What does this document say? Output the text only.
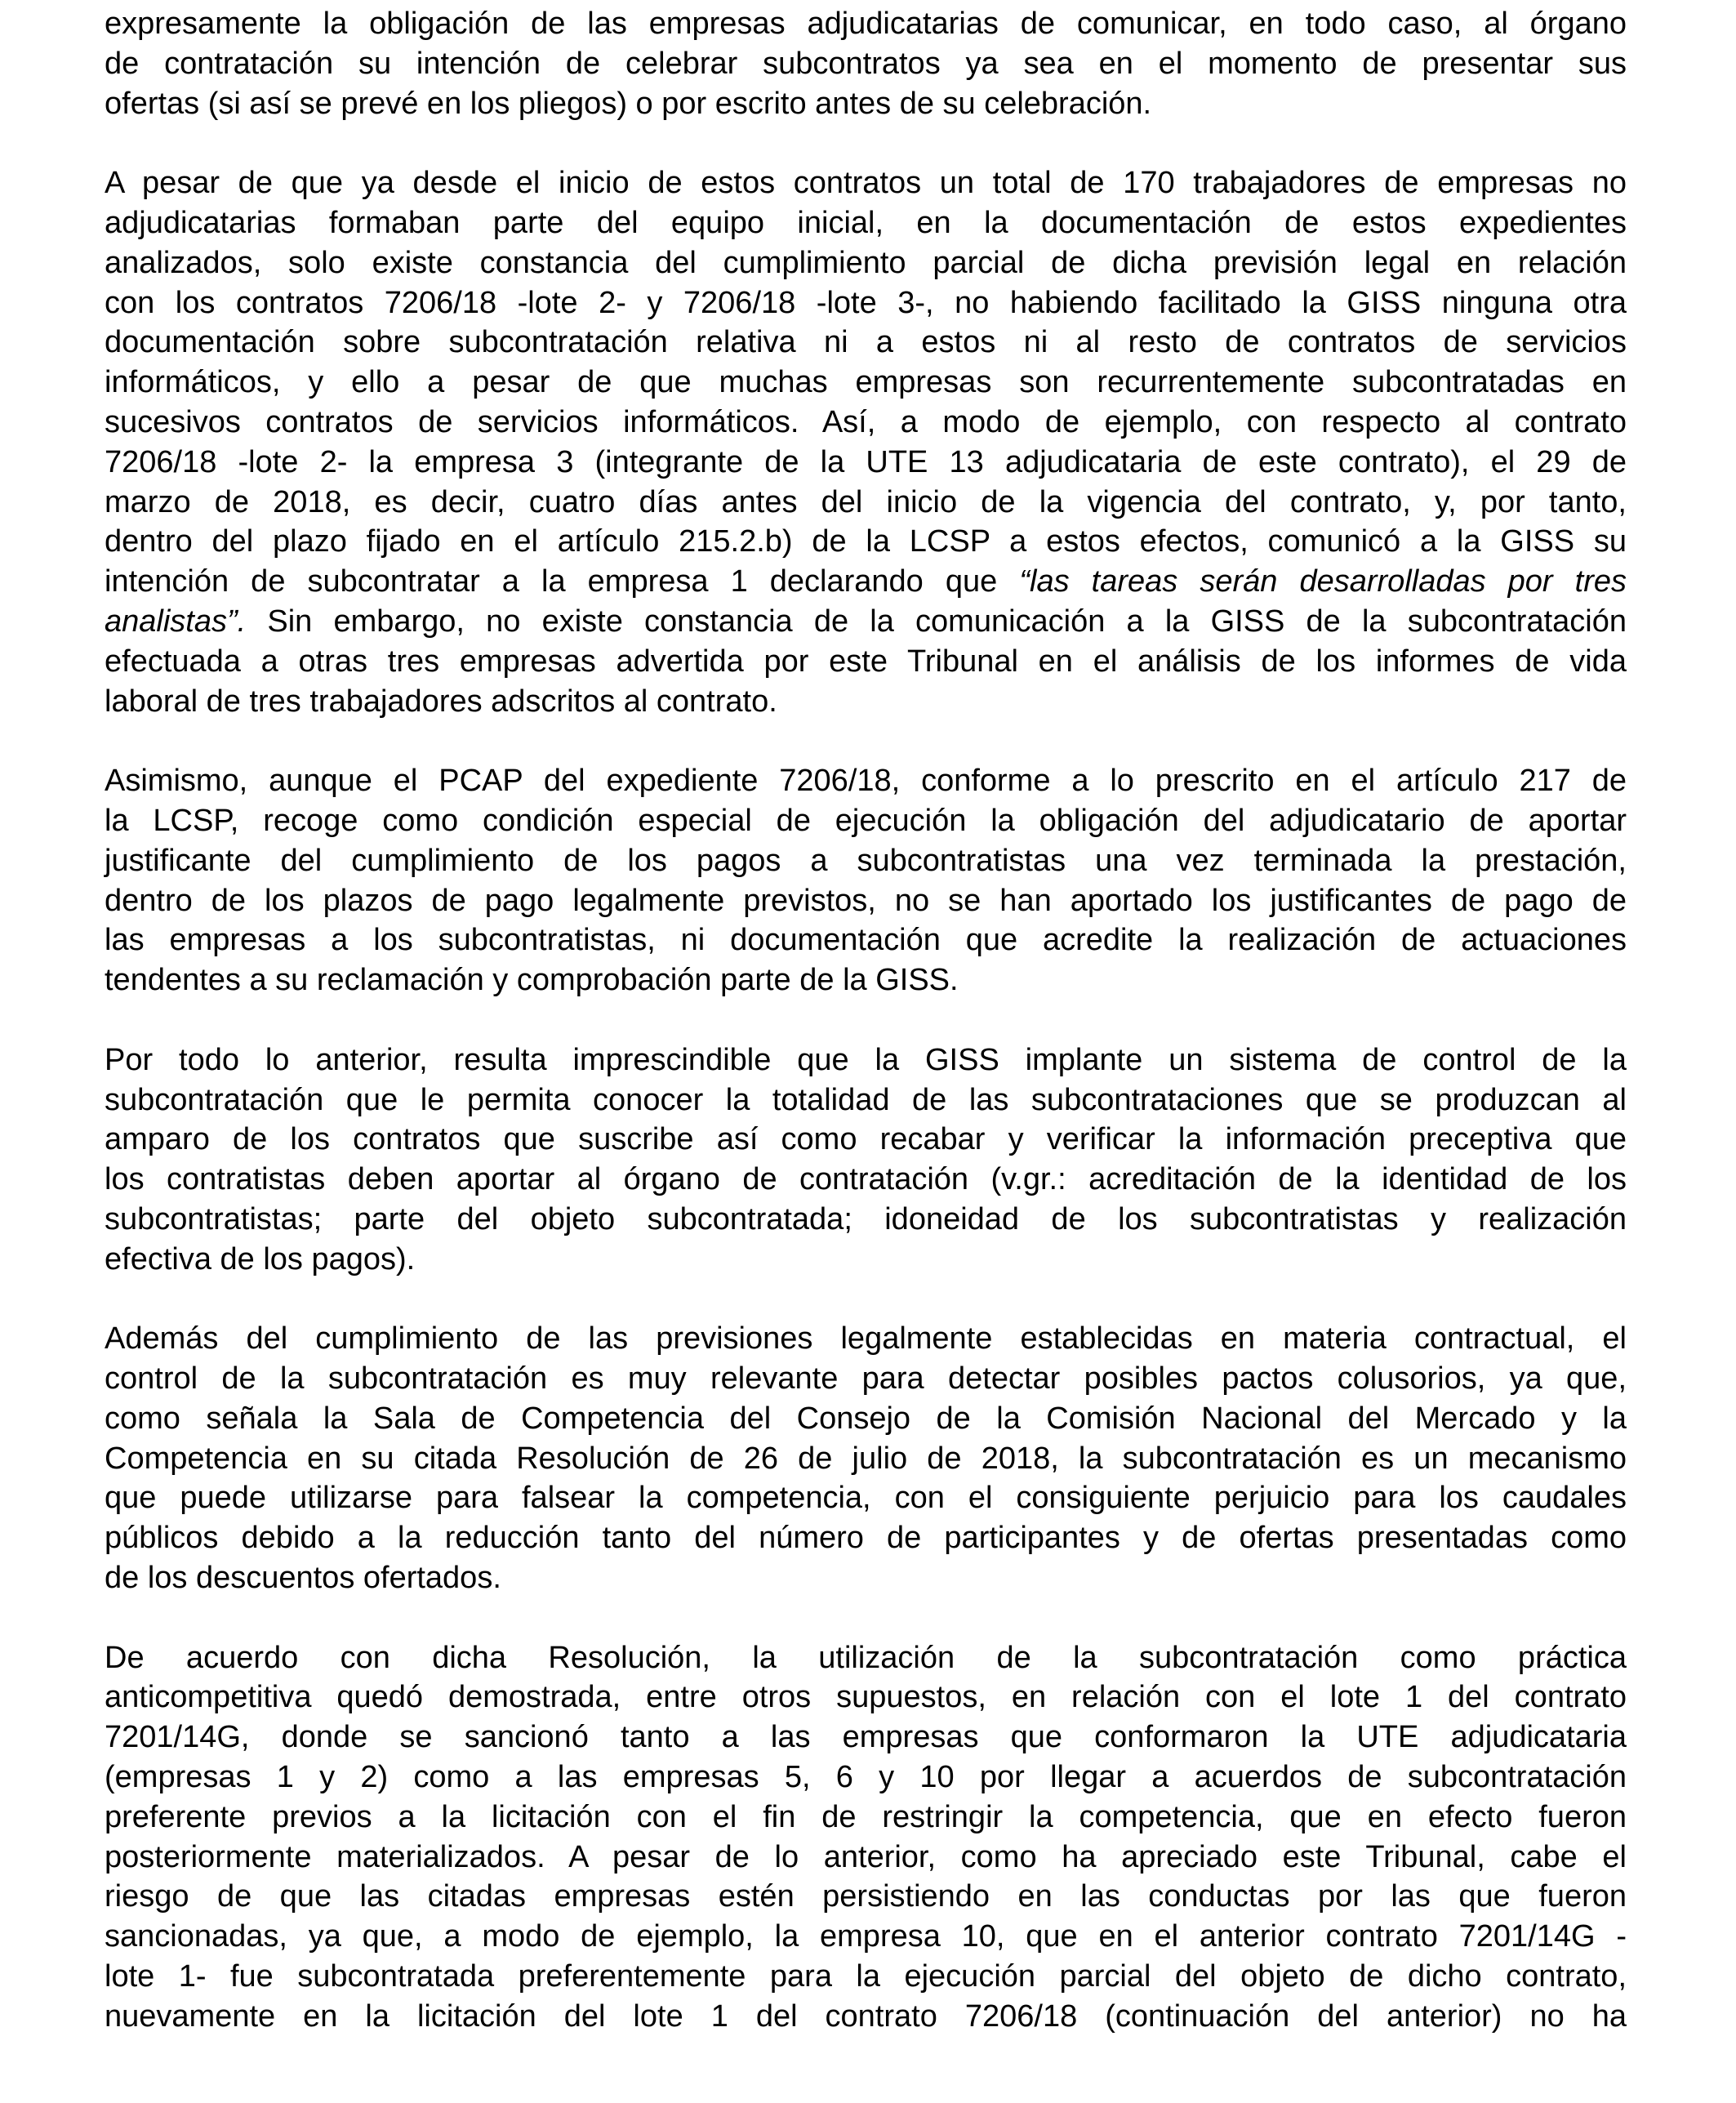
expresamente la obligación de las empresas adjudicatarias de comunicar, en todo caso, al órgano
de contratación su intención de celebrar subcontratos ya sea en el momento de presentar sus
ofertas (si así se prevé en los pliegos) o por escrito antes de su celebración.
A pesar de que ya desde el inicio de estos contratos un total de 170 trabajadores de empresas no
adjudicatarias formaban parte del equipo inicial, en la documentación de estos expedientes
analizados, solo existe constancia del cumplimiento parcial de dicha previsión legal en relación
con los contratos 7206/18 -lote 2- y 7206/18 -lote 3-, no habiendo facilitado la GISS ninguna otra
documentación sobre subcontratación relativa ni a estos ni al resto de contratos de servicios
informáticos, y ello a pesar de que muchas empresas son recurrentemente subcontratadas en
sucesivos contratos de servicios informáticos. Así, a modo de ejemplo, con respecto al contrato
7206/18 -lote 2- la empresa 3 (integrante de la UTE 13 adjudicataria de este contrato), el 29 de
marzo de 2018, es decir, cuatro días antes del inicio de la vigencia del contrato, y, por tanto,
dentro del plazo fijado en el artículo 215.2.b) de la LCSP a estos efectos, comunicó a la GISS su
intención de subcontratar a la empresa 1 declarando que “las tareas serán desarrolladas por tres
analistas”. Sin embargo, no existe constancia de la comunicación a la GISS de la subcontratación
efectuada a otras tres empresas advertida por este Tribunal en el análisis de los informes de vida
laboral de tres trabajadores adscritos al contrato.
Asimismo, aunque el PCAP del expediente 7206/18, conforme a lo prescrito en el artículo 217 de
la LCSP, recoge como condición especial de ejecución la obligación del adjudicatario de aportar
justificante del cumplimiento de los pagos a subcontratistas una vez terminada la prestación,
dentro de los plazos de pago legalmente previstos, no se han aportado los justificantes de pago de
las empresas a los subcontratistas, ni documentación que acredite la realización de actuaciones
tendentes a su reclamación y comprobación parte de la GISS.
Por todo lo anterior, resulta imprescindible que la GISS implante un sistema de control de la
subcontratación que le permita conocer la totalidad de las subcontrataciones que se produzcan al
amparo de los contratos que suscribe así como recabar y verificar la información preceptiva que
los contratistas deben aportar al órgano de contratación (v.gr.: acreditación de la identidad de los
subcontratistas; parte del objeto subcontratada; idoneidad de los subcontratistas y realización
efectiva de los pagos).
Además del cumplimiento de las previsiones legalmente establecidas en materia contractual, el
control de la subcontratación es muy relevante para detectar posibles pactos colusorios, ya que,
como señala la Sala de Competencia del Consejo de la Comisión Nacional del Mercado y la
Competencia en su citada Resolución de 26 de julio de 2018, la subcontratación es un mecanismo
que puede utilizarse para falsear la competencia, con el consiguiente perjuicio para los caudales
públicos debido a la reducción tanto del número de participantes y de ofertas presentadas como
de los descuentos ofertados.
De acuerdo con dicha Resolución, la utilización de la subcontratación como práctica
anticompetitiva quedó demostrada, entre otros supuestos, en relación con el lote 1 del contrato
7201/14G, donde se sancionó tanto a las empresas que conformaron la UTE adjudicataria
(empresas 1 y 2) como a las empresas 5, 6 y 10 por llegar a acuerdos de subcontratación
preferente previos a la licitación con el fin de restringir la competencia, que en efecto fueron
posteriormente materializados. A pesar de lo anterior, como ha apreciado este Tribunal, cabe el
riesgo de que las citadas empresas estén persistiendo en las conductas por las que fueron
sancionadas, ya que, a modo de ejemplo, la empresa 10, que en el anterior contrato 7201/14G -
lote 1- fue subcontratada preferentemente para la ejecución parcial del objeto de dicho contrato,
nuevamente en la licitación del lote 1 del contrato 7206/18 (continuación del anterior) no ha
